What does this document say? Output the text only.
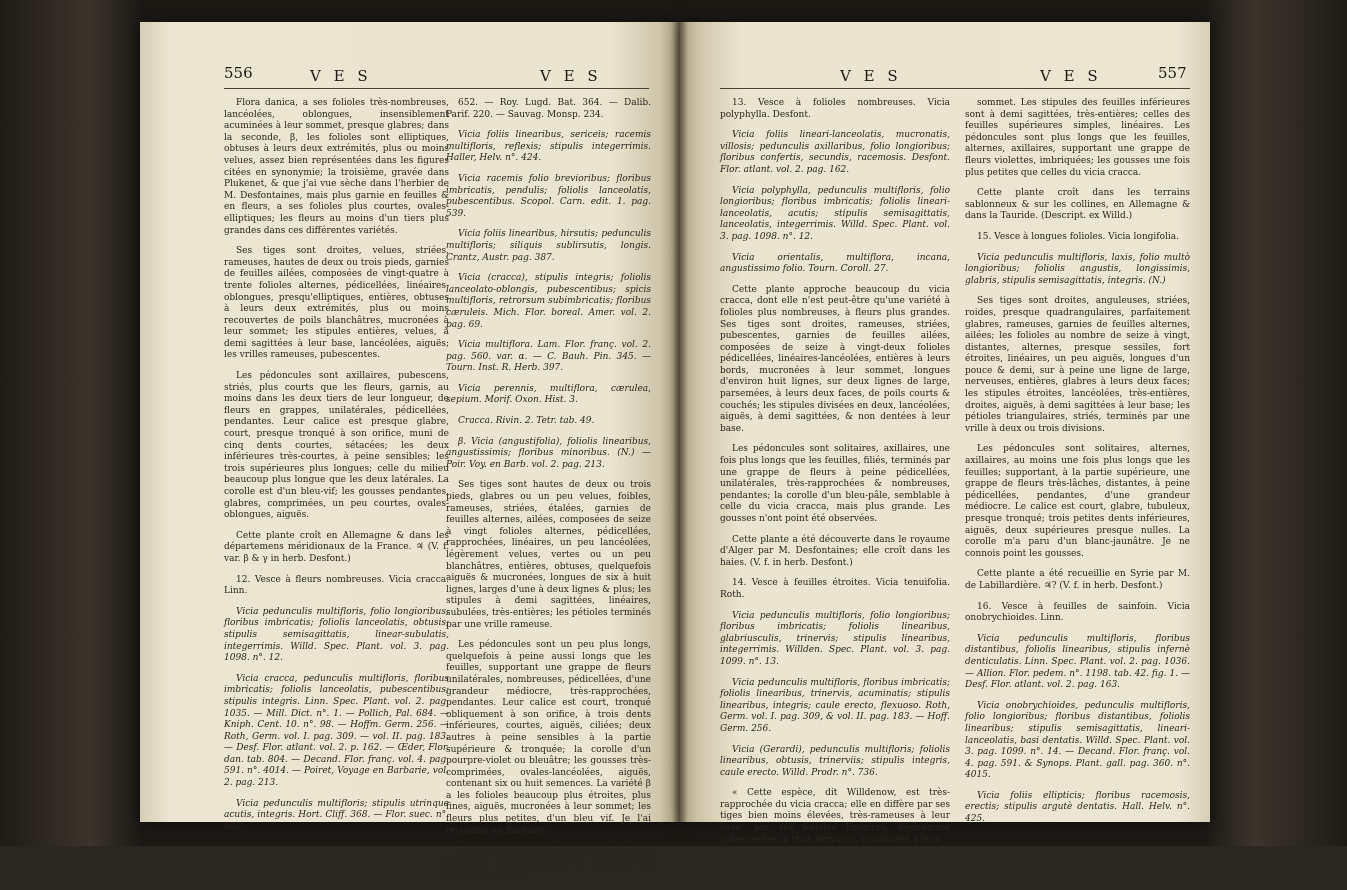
556	V E S	V E S

Flora danica, a ses folioles très-nombreuses, lancéolées, oblongues, insensiblement acuminées à leur sommet, presque glabres; dans la seconde, β, les folioles sont elliptiques, obtuses à leurs deux extrémités, plus ou moins velues, assez bien représentées dans les figures citées en synonymie; la troisième, gravée dans Plukenet, & que j'ai vue sèche dans l'herbier de M. Desfontaines, mais plus garnie en feuilles & en fleurs, a ses folioles plus courtes, ovales-elliptiques; les fleurs au moins d'un tiers plus grandes dans ces différentes variétés.

Ses tiges sont droites, velues, striées, rameuses, hautes de deux ou trois pieds, garnies de feuilles ailées, composées de vingt-quatre à trente folioles alternes, pédicellées, linéaires-oblongues, presqu'elliptiques, entières, obtuses à leurs deux extrémités, plus ou moins recouvertes de poils blanchâtres, mucronées à leur sommet; les stipules entières, velues, à demi sagittées à leur base, lancéolées, aiguës; les vrilles rameuses, pubescentes.

Les pédoncules sont axillaires, pubescens, striés, plus courts que les fleurs, garnis, au moins dans les deux tiers de leur longueur, de fleurs en grappes, unilatérales, pédicellées, pendantes. Leur calice est presque glabre, court, presque tronqué à son orifice, muni de cinq dents courtes, sétacées; les deux inférieures très-courtes, à peine sensibles; les trois supérieures plus longues; celle du milieu beaucoup plus longue que les deux latérales. La corolle est d'un bleu-vif; les gousses pendantes, glabres, comprimées, un peu courtes, ovales-oblongues, aiguës.

Cette plante croît en Allemagne & dans les départemens méridionaux de la France. ♃ (V. f. var. β & γ in herb. Desfont.)

12. Vesce à fleurs nombreuses. Vicia cracca. Linn.

Vicia pedunculis multifloris, folio longioribus; floribus imbricatis; foliolis lanceolatis, obtusis; stipulis semisagittatis, linear-subulatis, integerrimis. Willd. Spec. Plant. vol. 3. pag. 1098. n°. 12.

Vicia cracca, pedunculis multifloris, floribus imbricatis; foliolis lanceolatis, pubescentibus; stipulis integris. Linn. Spec. Plant. vol. 2. pag. 1035. — Mill. Dict. n°. 1. — Pollich, Pal. 684. — Kniph. Cent. 10. n°. 98. — Hoffm. Germ. 256. — Roth, Germ. vol. I. pag. 309. — vol. II. pag. 183. — Desf. Flor. atlant. vol. 2. p. 162. — Œder, Flor. dan. tab. 804. — Decand. Flor. franç. vol. 4. pag. 591. n°. 4014. — Poiret, Voyage en Barbarie, vol. 2. pag. 213.

Vicia pedunculis multifloris; stipulis utrinque acutis, integris. Hort. Cliff. 368. — Flor. suec. n°. 605.

652. — Roy. Lugd. Bat. 364. — Dalib. Parif. 220. — Sauvag. Monsp. 234.

Vicia foliis linearibus, sericeis; racemis multifloris, reflexis; stipulis integerrimis. Haller, Helv. n°. 424.

Vicia racemis folio brevioribus; floribus imbricatis, pendulis; foliolis lanceolatis, pubescentibus. Scopol. Carn. edit. 1. pag. 539.

Vicia foliis linearibus, hirsutis; pedunculis multifloris; siliquis sublirsutis, longis. Crantz, Austr. pag. 387.

Vicia (cracca), stipulis integris; foliolis lanceolato-oblongis, pubescentibus; spicis multifloris, retrorsum subimbricatis; floribus cæruleis. Mich. Flor. boreal. Amer. vol. 2. pag. 69.

Vicia multiflora. Lam. Flor. franç. vol. 2. pag. 560. var. α. — C. Bauh. Pin. 345. — Tourn. Inst. R. Herb. 397.

Vicia perennis, multiflora, cærulea, sepium. Morif. Oxon. Hist. 3.

Cracca. Rivin. 2. Tetr. tab. 49.

β. Vicia (angustifolia), foliolis linearibus, angustissimis; floribus minoribus. (N.) — Poir. Voy. en Barb. vol. 2. pag. 213.

Ses tiges sont hautes de deux ou trois pieds, glabres ou un peu velues, foibles, rameuses, striées, étalées, garnies de feuilles alternes, ailées, composées de seize à vingt folioles alternes, pédicellées, rapprochées, linéaires, un peu lancéolées, légèrement velues, vertes ou un peu blanchâtres, entières, obtuses, quelquefois aiguës & mucronées, longues de six à huit lignes, larges d'une à deux lignes & plus; les stipules à demi sagittées, linéaires, subulées, très-entières; les pétioles terminés par une vrille rameuse.

Les pédoncules sont un peu plus longs, quelquefois à peine aussi longs que les feuilles, supportant une grappe de fleurs unilatérales, nombreuses, pédicellées, d'une grandeur médiocre, très-rapprochées, pendantes. Leur calice est court, tronqué obliquement à son orifice, à trois dents inférieures, courtes, aiguës, ciliées; deux autres à peine sensibles à la partie supérieure & tronquée; la corolle d'un pourpre-violet ou bleuâtre; les gousses très-comprimées, ovales-lancéolées, aiguës, contenant six ou huit semences. La variété β a les folioles beaucoup plus étroites, plus fines, aiguës, mucronées à leur sommet; les fleurs plus petites, d'un bleu vif. Je l'ai recueillie en Barbarie.

Cette plante croît en Europe, en Barbarie, dans les lieux incultes, les champs, les moissons. ♃ (V. v.)

V E S	V E S	557

13. Vesce à folioles nombreuses. Vicia polyphylla. Desfont.

Vicia foliis lineari-lanceolatis, mucronatis, villosis; pedunculis axillaribus, folio longioribus; floribus confertis, secundis, racemosis. Desfont. Flor. atlant. vol. 2. pag. 162.

Vicia polyphylla, pedunculis multifloris, folio longioribus; floribus imbricatis; foliolis lineari-lanceolatis, acutis; stipulis semisagittatis, lanceolatis, integerrimis. Willd. Spec. Plant. vol. 3. pag. 1098. n°. 12.

Vicia orientalis, multiflora, incana, angustissimo folio. Tourn. Coroll. 27.

Cette plante approche beaucoup du vicia cracca, dont elle n'est peut-être qu'une variété à folioles plus nombreuses, à fleurs plus grandes. Ses tiges sont droites, rameuses, striées, pubescentes, garnies de feuilles ailées, composées de seize à vingt-deux folioles pédicellées, linéaires-lancéolées, entières à leurs bords, mucronées à leur sommet, longues d'environ huit lignes, sur deux lignes de large, parsemées, à leurs deux faces, de poils courts & couchés; les stipules divisées en deux, lancéolées, aiguës, à demi sagittées, & non dentées à leur base.

Les pédoncules sont solitaires, axillaires, une fois plus longs que les feuilles, filiés, terminés par une grappe de fleurs à peine pédicellées, unilatérales, très-rapprochées & nombreuses, pendantes; la corolle d'un bleu-pâle, semblable à celle du vicia cracca, mais plus grande. Les gousses n'ont point été observées.

Cette plante a été découverte dans le royaume d'Alger par M. Desfontaines; elle croît dans les haies. (V. f. in herb. Desfont.)

14. Vesce à feuilles étroites. Vicia tenuifolia. Roth.

Vicia pedunculis multifloris, folio longioribus; floribus imbricatis; foliolis linearibus, glabriusculis, trinervis; stipulis linearibus, integerrimis. Willden. Spec. Plant. vol. 3. pag. 1099. n°. 13.

Vicia pedunculis multifloris, floribus imbricatis; foliolis linearibus, trinervis, acuminatis; stipulis linearibus, integris; caule erecto, flexuoso. Roth, Germ. vol. I. pag. 309, & vol. II. pag. 183. — Hoff. Germ. 256.

Vicia (Gerardi), pedunculis multifloris; foliolis linearibus, obtusis, trinerviis; stipulis integris, caule erecto. Willd. Prodr. n°. 736.

« Cette espèce, dit Willdenow, est très-rapprochée du vicia cracca; elle en diffère par ses tiges bien moins élevées, très-rameuses à leur base; par ses folioles linéaires, légèrement pubescentes; à trois nervures, acuminées à leur

sommet. Les stipules des feuilles inférieures sont à demi sagittées, très-entières; celles des feuilles supérieures simples, linéaires. Les pédoncules sont plus longs que les feuilles, alternes, axillaires, supportant une grappe de fleurs violettes, imbriquées; les gousses une fois plus petites que celles du vicia cracca.

Cette plante croît dans les terrains sablonneux & sur les collines, en Allemagne & dans la Tauride. (Descript. ex Willd.)

15. Vesce à longues folioles. Vicia longifolia.

Vicia pedunculis multifloris, laxis, folio multò longioribus; foliolis angustis, longissimis, glabris, stipulis semisagittatis, integris. (N.)

Ses tiges sont droites, anguleuses, striées, roides, presque quadrangulaires, parfaitement glabres, rameuses, garnies de feuilles alternes, ailées; les folioles au nombre de seize à vingt, distantes, alternes, presque sessiles, fort étroites, linéaires, un peu aiguës, longues d'un pouce & demi, sur à peine une ligne de large, nerveuses, entières, glabres à leurs deux faces; les stipules étroites, lancéolées, très-entières, droites, aiguës, à demi sagittées à leur base; les pétioles triangulaires, striés, terminés par une vrille à deux ou trois divisions.

Les pédoncules sont solitaires, alternes, axillaires, au moins une fois plus longs que les feuilles; supportant, à la partie supérieure, une grappe de fleurs très-lâches, distantes, à peine pédicellées, pendantes, d'une grandeur médiocre. Le calice est court, glabre, tubuleux, presque tronqué; trois petites dents inférieures, aiguës, deux supérieures presque nulles. La corolle m'a paru d'un blanc-jaunâtre. Je ne connois point les gousses.

Cette plante a été recueillie en Syrie par M. de Labillardière. ♃? (V. f. in herb. Desfont.)

16. Vesce à feuilles de sainfoin. Vicia onobrychioides. Linn.

Vicia pedunculis multifloris, floribus distantibus, foliolis linearibus, stipulis infernè denticulatis. Linn. Spec. Plant. vol. 2. pag. 1036. — Allion. Flor. pedem. n°. 1198. tab. 42. fig. 1. — Desf. Flor. atlant. vol. 2. pag. 163.

Vicia onobrychioides, pedunculis multifloris, folio longioribus; floribus distantibus, foliolis linearibus; stipulis semisagittatis, lineari-lanceolatis, basi dentatis. Willd. Spec. Plant. vol. 3. pag. 1099. n°. 14. — Decand. Flor. franç. vol. 4. pag. 591. & Synops. Plant. gall. pag. 360. n°. 4015.

Vicia foliis ellipticis; floribus racemosis, erectis; stipulis argutè dentatis. Hall. Helv. n°. 425.
